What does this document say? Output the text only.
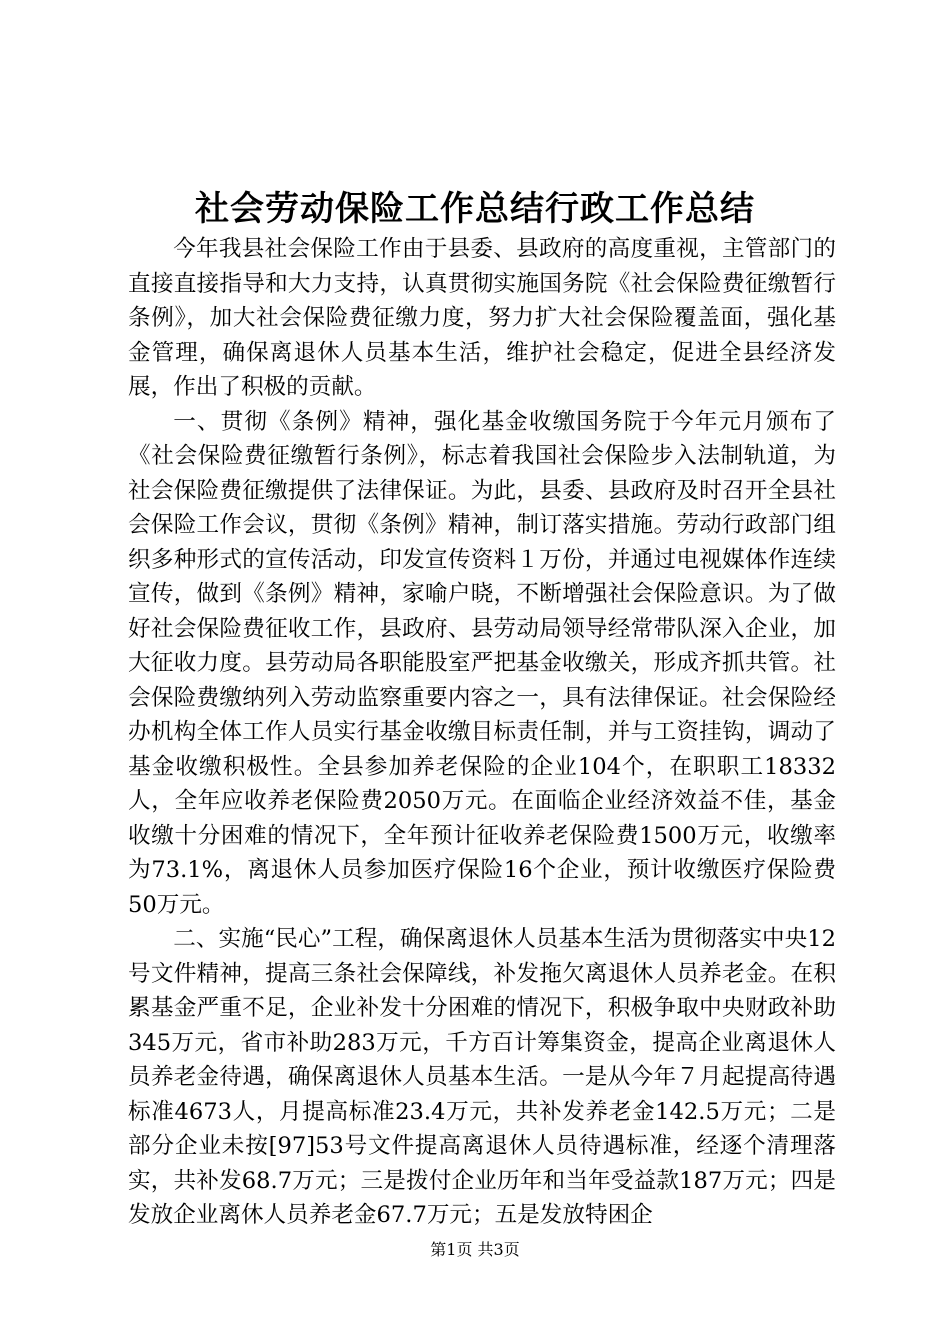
社会劳动保险工作总结行政工作总结

今年我县社会保险工作由于县委、县政府的高度重视，主管部门的直接直接指导和大力支持，认真贯彻实施国务院《社会保险费征缴暂行条例》，加大社会保险费征缴力度，努力扩大社会保险覆盖面，强化基金管理，确保离退休人员基本生活，维护社会稳定，促进全县经济发展，作出了积极的贡献。

一、贯彻《条例》精神，强化基金收缴国务院于今年元月颁布了《社会保险费征缴暂行条例》，标志着我国社会保险步入法制轨道，为社会保险费征缴提供了法律保证。为此，县委、县政府及时召开全县社会保险工作会议，贯彻《条例》精神，制订落实措施。劳动行政部门组织多种形式的宣传活动，印发宣传资料１万份，并通过电视媒体作连续宣传，做到《条例》精神，家喻户晓，不断增强社会保险意识。为了做好社会保险费征收工作，县政府、县劳动局领导经常带队深入企业，加大征收力度。县劳动局各职能股室严把基金收缴关，形成齐抓共管。社会保险费缴纳列入劳动监察重要内容之一，具有法律保证。社会保险经办机构全体工作人员实行基金收缴目标责任制，并与工资挂钩，调动了基金收缴积极性。全县参加养老保险的企业104个，在职职工18332人，全年应收养老保险费2050万元。在面临企业经济效益不佳，基金收缴十分困难的情况下，全年预计征收养老保险费1500万元，收缴率为73.1%，离退休人员参加医疗保险16个企业，预计收缴医疗保险费50万元。

二、实施“民心”工程，确保离退休人员基本生活为贯彻落实中央12号文件精神，提高三条社会保障线，补发拖欠离退休人员养老金。在积累基金严重不足，企业补发十分困难的情况下，积极争取中央财政补助345万元，省市补助283万元，千方百计筹集资金，提高企业离退休人员养老金待遇，确保离退休人员基本生活。一是从今年７月起提高待遇标准4673人，月提高标准23.4万元，共补发养老金142.5万元；二是部分企业未按[97]53号文件提高离退休人员待遇标准，经逐个清理落实，共补发68.7万元；三是拨付企业历年和当年受益款187万元；四是发放企业离休人员养老金67.7万元；五是发放特困企

第1页 共3页
